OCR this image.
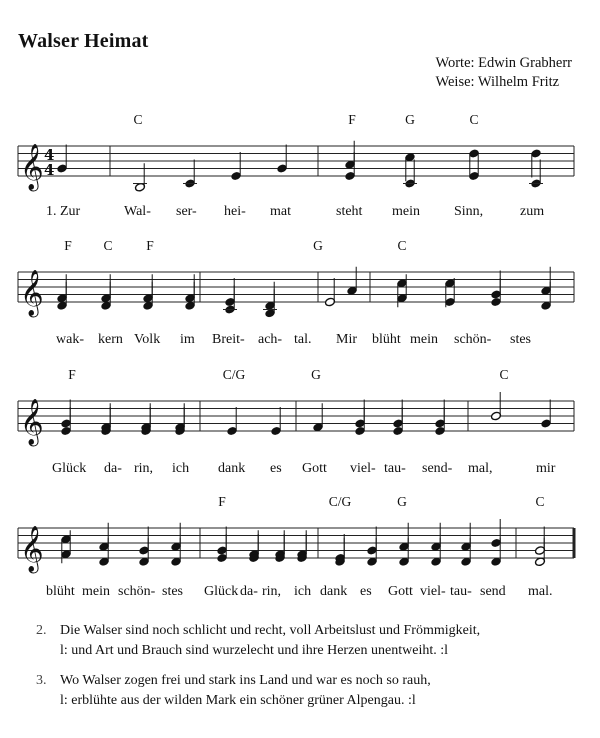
Walser Heimat
Worte: Edwin Grabherr
Weise: Wilhelm Fritz
C	F	G	C
𝄞 4
4
1. Zur	Wal- ser- hei- mat	steht mein Sinn,	zum
F C F	G	C
𝄞
wak- kern Volk im Breit- ach- tal. Mir blüht mein schön- stes
F	C/G	G	C
𝄞
Glück da- rin, ich dank es Gott viel- tau- send- mal,	mir
F	C/G	G	C
𝄞
blüht mein schön- stes Glück da- rin, ich dank es Gott viel- tau- send mal.
2. Die Walser sind noch schlicht und recht, voll Arbeitslust und Frömmigkeit,
l: und Art und Brauch sind wurzelecht und ihre Herzen unentweiht. :l
3. Wo Walser zogen frei und stark ins Land und war es noch so rauh,
l: erblühte aus der wilden Mark ein schöner grüner Alpengau. :l
